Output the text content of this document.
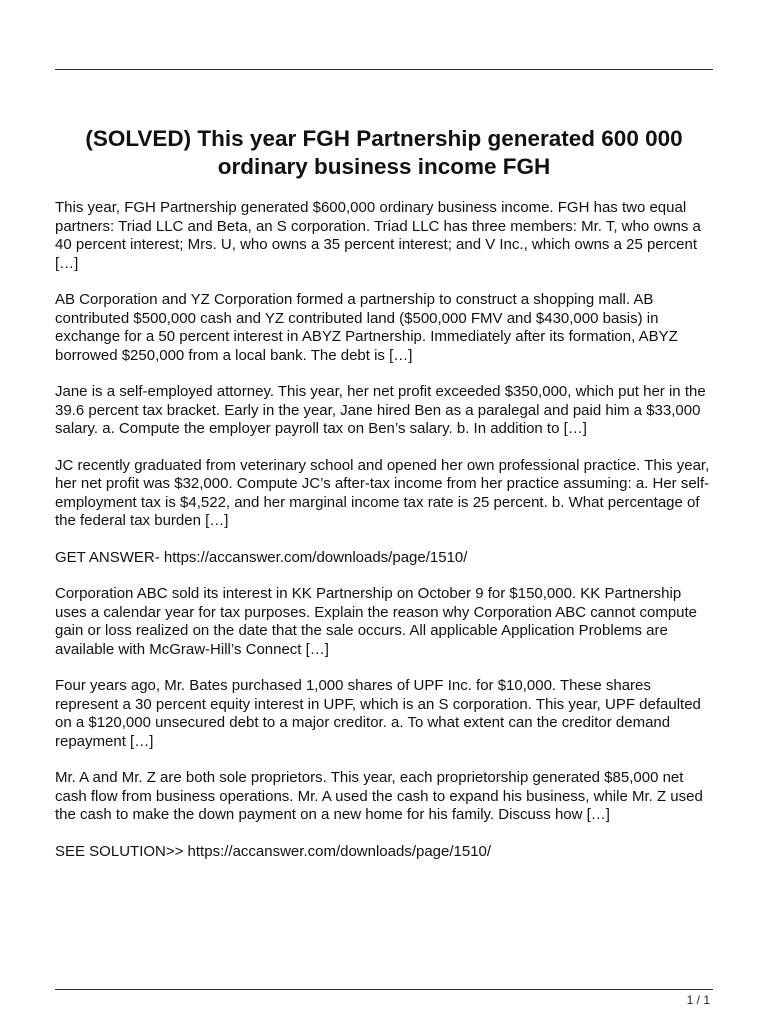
(SOLVED) This year FGH Partnership generated 600 000 ordinary business income FGH

This year, FGH Partnership generated $600,000 ordinary business income. FGH has two equal partners: Triad LLC and Beta, an S corporation. Triad LLC has three members: Mr. T, who owns a 40 percent interest; Mrs. U, who owns a 35 percent interest; and V Inc., which owns a 25 percent […]

AB Corporation and YZ Corporation formed a partnership to construct a shopping mall. AB contributed $500,000 cash and YZ contributed land ($500,000 FMV and $430,000 basis) in exchange for a 50 percent interest in ABYZ Partnership. Immediately after its formation, ABYZ borrowed $250,000 from a local bank. The debt is […]

Jane is a self-employed attorney. This year, her net profit exceeded $350,000, which put her in the 39.6 percent tax bracket. Early in the year, Jane hired Ben as a paralegal and paid him a $33,000 salary. a. Compute the employer payroll tax on Ben’s salary. b. In addition to […]

JC recently graduated from veterinary school and opened her own professional practice. This year, her net profit was $32,000. Compute JC’s after-tax income from her practice assuming: a. Her self-employment tax is $4,522, and her marginal income tax rate is 25 percent. b. What percentage of the federal tax burden […]

GET ANSWER- https://accanswer.com/downloads/page/1510/

Corporation ABC sold its interest in KK Partnership on October 9 for $150,000. KK Partnership uses a calendar year for tax purposes. Explain the reason why Corporation ABC cannot compute gain or loss realized on the date that the sale occurs. All applicable Application Problems are available with McGraw-Hill’s Connect […]

Four years ago, Mr. Bates purchased 1,000 shares of UPF Inc. for $10,000. These shares represent a 30 percent equity interest in UPF, which is an S corporation. This year, UPF defaulted on a $120,000 unsecured debt to a major creditor. a. To what extent can the creditor demand repayment […]

Mr. A and Mr. Z are both sole proprietors. This year, each proprietorship generated $85,000 net cash flow from business operations. Mr. A used the cash to expand his business, while Mr. Z used the cash to make the down payment on a new home for his family. Discuss how […]

SEE SOLUTION>> https://accanswer.com/downloads/page/1510/

1 / 1
